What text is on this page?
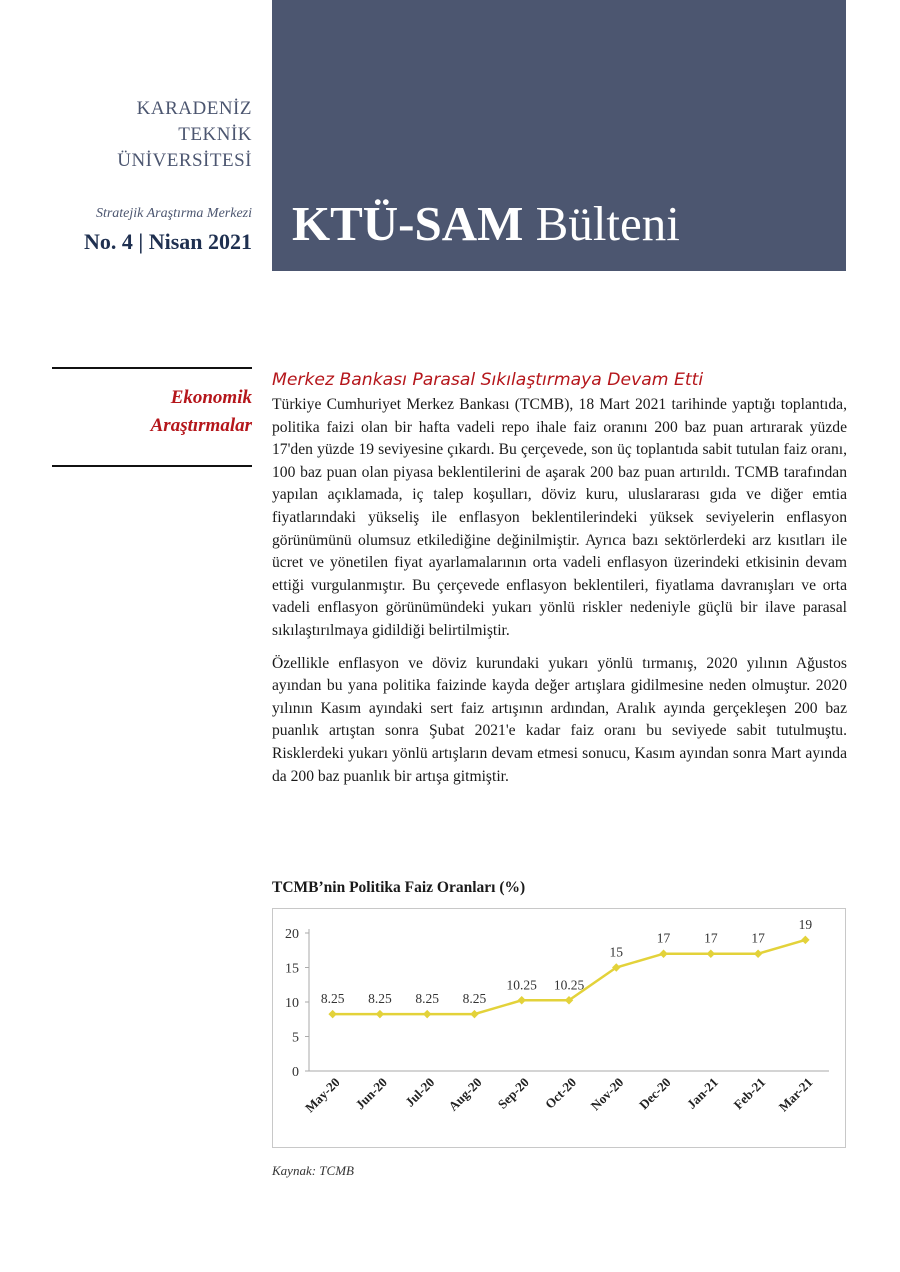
KTÜ-SAM Bülteni
KARADENİZ
TEKNİK
ÜNİVERSİTESİ
Stratejik Araştırma Merkezi
No. 4 | Nisan 2021
Ekonomik
Araştırmalar
Merkez Bankası Parasal Sıkılaştırmaya Devam Etti

Türkiye Cumhuriyet Merkez Bankası (TCMB), 18 Mart 2021 tarihinde yaptığı toplantıda, politika faizi olan bir hafta vadeli repo ihale faiz oranını 200 baz puan artırarak yüzde 17'den yüzde 19 seviyesine çıkardı. Bu çerçevede, son üç toplantıda sabit tutulan faiz oranı, 100 baz puan olan piyasa beklentilerini de aşarak 200 baz puan artırıldı. TCMB tarafından yapılan açıklamada, iç talep koşulları, döviz kuru, uluslararası gıda ve diğer emtia fiyatlarındaki yükseliş ile enflasyon beklentilerindeki yüksek seviyelerin enflasyon görünümünü olumsuz etkilediğine değinilmiştir. Ayrıca bazı sektörlerdeki arz kısıtları ile ücret ve yönetilen fiyat ayarlamalarının orta vadeli enflasyon üzerindeki etkisinin devam ettiği vurgulanmıştır. Bu çerçevede enflasyon beklentileri, fiyatlama davranışları ve orta vadeli enflasyon görünümündeki yukarı yönlü riskler nedeniyle güçlü bir ilave parasal sıkılaştırılmaya gidildiği belirtilmiştir.

Özellikle enflasyon ve döviz kurundaki yukarı yönlü tırmanış, 2020 yılının Ağustos ayından bu yana politika faizinde kayda değer artışlara gidilmesine neden olmuştur. 2020 yılının Kasım ayındaki sert faiz artışının ardından, Aralık ayında gerçekleşen 200 baz puanlık artıştan sonra Şubat 2021'e kadar faiz oranı bu seviyede sabit tutulmuştu. Risklerdeki yukarı yönlü artışların devam etmesi sonucu, Kasım ayından sonra Mart ayında da 200 baz puanlık bir artışa gitmiştir.

TCMB’nin Politika Faiz Oranları (%)
0
5
10
15
20
May-20 Jun-20 Jul-20 Aug-20 Sep-20 Oct-20 Nov-20 Dec-20 Jan-21 Feb-21 Mar-21
8.25 8.25 8.25 8.25
10.25 10.25
15
17	17	17
19
Kaynak: TCMB
